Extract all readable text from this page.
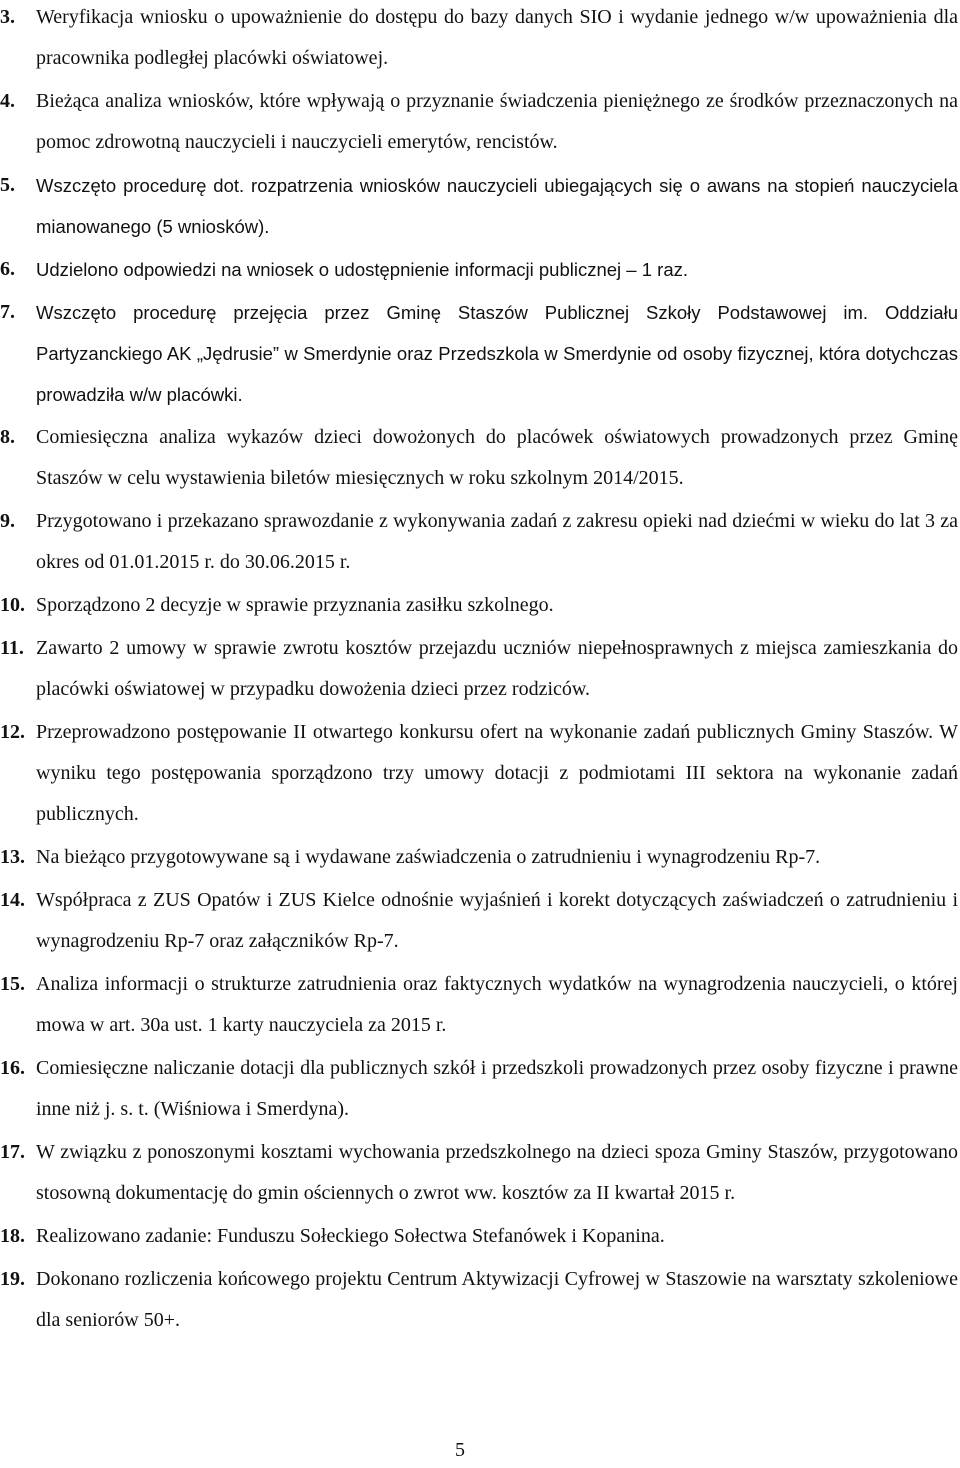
3.	Weryfikacja wniosku o upoważnienie do dostępu do bazy danych SIO i wydanie jednego w/w upoważnienia dla pracownika podległej placówki oświatowej.
4.	Bieżąca analiza wniosków, które wpływają o przyznanie świadczenia pieniężnego ze środków przeznaczonych na pomoc zdrowotną nauczycieli i nauczycieli emerytów, rencistów.
5.	Wszczęto procedurę dot. rozpatrzenia wniosków nauczycieli ubiegających się o awans na stopień nauczyciela mianowanego (5 wniosków).
6.	Udzielono odpowiedzi na wniosek o udostępnienie informacji publicznej – 1 raz.
7.	Wszczęto procedurę przejęcia przez Gminę Staszów Publicznej Szkoły Podstawowej im. Oddziału Partyzanckiego AK „Jędrusie” w Smerdynie oraz Przedszkola w Smerdynie od osoby fizycznej, która dotychczas prowadziła w/w placówki.
8.	Comiesięczna analiza wykazów dzieci dowożonych do placówek oświatowych prowadzonych przez Gminę Staszów w celu wystawienia biletów miesięcznych w roku szkolnym 2014/2015.
9.	Przygotowano i przekazano sprawozdanie z wykonywania zadań z zakresu opieki nad dziećmi w wieku do lat 3 za okres od 01.01.2015 r. do 30.06.2015 r.
10. Sporządzono 2 decyzje w sprawie przyznania zasiłku szkolnego.
11. Zawarto 2 umowy w sprawie zwrotu kosztów przejazdu uczniów niepełnosprawnych z miejsca zamieszkania do placówki oświatowej w przypadku dowożenia dzieci przez rodziców.
12. Przeprowadzono postępowanie II otwartego konkursu ofert na wykonanie zadań publicznych Gminy Staszów. W wyniku tego postępowania sporządzono trzy umowy dotacji z podmiotami III sektora na wykonanie zadań publicznych.
13. Na bieżąco przygotowywane są i wydawane zaświadczenia o zatrudnieniu i wynagrodzeniu Rp-7.
14. Współpraca z ZUS Opatów i ZUS Kielce odnośnie wyjaśnień i korekt dotyczących zaświadczeń o zatrudnieniu i wynagrodzeniu Rp-7 oraz załączników Rp-7.
15. Analiza informacji o strukturze zatrudnienia oraz faktycznych wydatków na wynagrodzenia nauczycieli, o której mowa w art. 30a ust. 1 karty nauczyciela za 2015 r.
16. Comiesięczne naliczanie dotacji dla publicznych szkół i przedszkoli prowadzonych przez osoby fizyczne i prawne inne niż j. s. t. (Wiśniowa i Smerdyna).
17. W związku z ponoszonymi kosztami wychowania przedszkolnego na dzieci spoza Gminy Staszów, przygotowano stosowną dokumentację do gmin ościennych o zwrot ww. kosztów za II kwartał 2015 r.
18. Realizowano zadanie: Funduszu Sołeckiego Sołectwa Stefanówek i Kopanina.
19. Dokonano rozliczenia końcowego projektu Centrum Aktywizacji Cyfrowej w Staszowie na warsztaty szkoleniowe dla seniorów 50+.
5
